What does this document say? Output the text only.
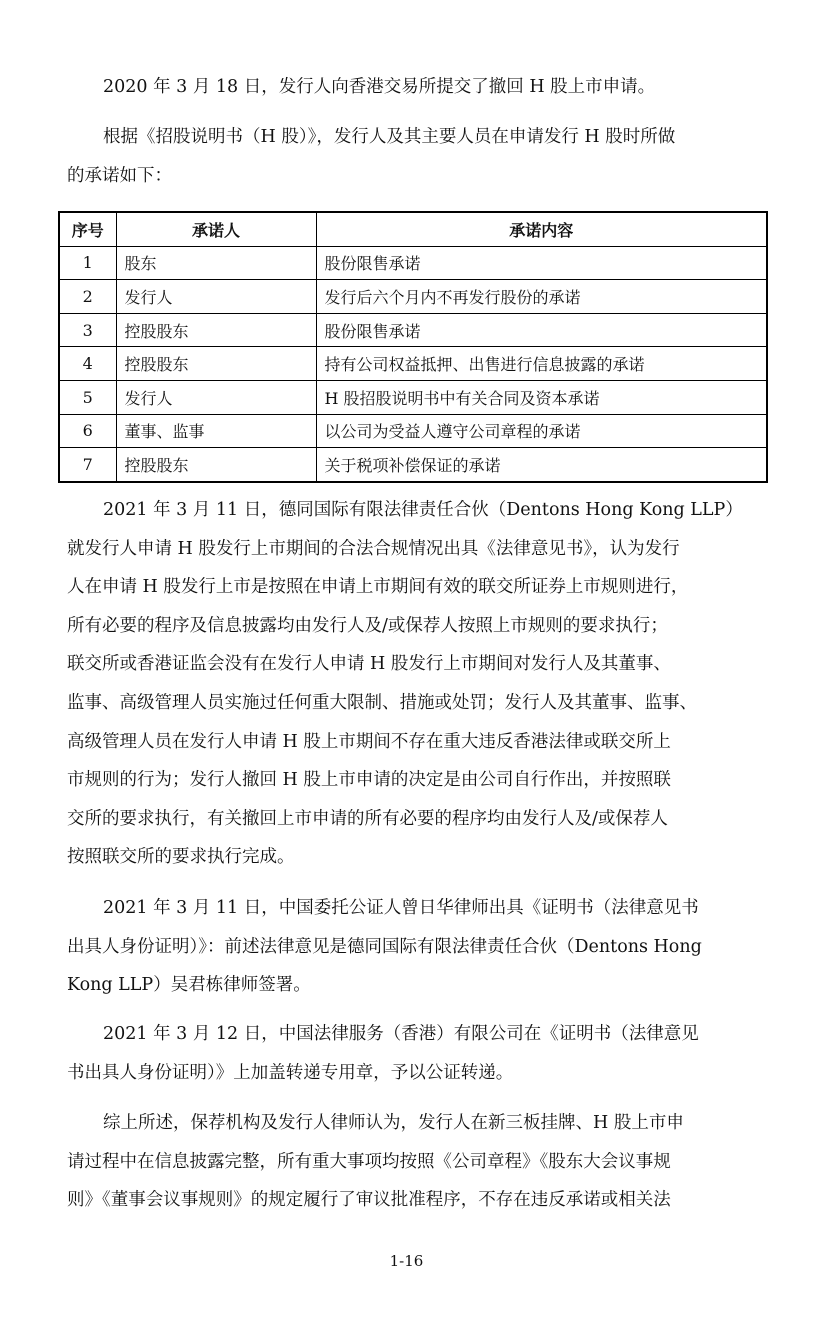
2020 年 3 月 18 日，发行人向香港交易所提交了撤回 H 股上市申请。

根据《招股说明书（H 股）》，发行人及其主要人员在申请发行 H 股时所做
的承诺如下：

序号	承诺人	承诺内容
1	股东	股份限售承诺
2	发行人	发行后六个月内不再发行股份的承诺
3	控股股东	股份限售承诺
4	控股股东	持有公司权益抵押、出售进行信息披露的承诺
5	发行人	H 股招股说明书中有关合同及资本承诺
6	董事、监事	以公司为受益人遵守公司章程的承诺
7	控股股东	关于税项补偿保证的承诺

2021 年 3 月 11 日，德同国际有限法律责任合伙（Dentons Hong Kong LLP）
就发行人申请 H 股发行上市期间的合法合规情况出具《法律意见书》，认为发行
人在申请 H 股发行上市是按照在申请上市期间有效的联交所证券上市规则进行，
所有必要的程序及信息披露均由发行人及/或保荐人按照上市规则的要求执行；
联交所或香港证监会没有在发行人申请 H 股发行上市期间对发行人及其董事、
监事、高级管理人员实施过任何重大限制、措施或处罚；发行人及其董事、监事、
高级管理人员在发行人申请 H 股上市期间不存在重大违反香港法律或联交所上
市规则的行为；发行人撤回 H 股上市申请的决定是由公司自行作出，并按照联
交所的要求执行，有关撤回上市申请的所有必要的程序均由发行人及/或保荐人
按照联交所的要求执行完成。

2021 年 3 月 11 日，中国委托公证人曾日华律师出具《证明书（法律意见书
出具人身份证明）》：前述法律意见是德同国际有限法律责任合伙（Dentons Hong
Kong LLP）吴君栋律师签署。

2021 年 3 月 12 日，中国法律服务（香港）有限公司在《证明书（法律意见
书出具人身份证明）》上加盖转递专用章，予以公证转递。

综上所述，保荐机构及发行人律师认为，发行人在新三板挂牌、H 股上市申
请过程中在信息披露完整，所有重大事项均按照《公司章程》《股东大会议事规
则》《董事会议事规则》的规定履行了审议批准程序，不存在违反承诺或相关法

1-16
